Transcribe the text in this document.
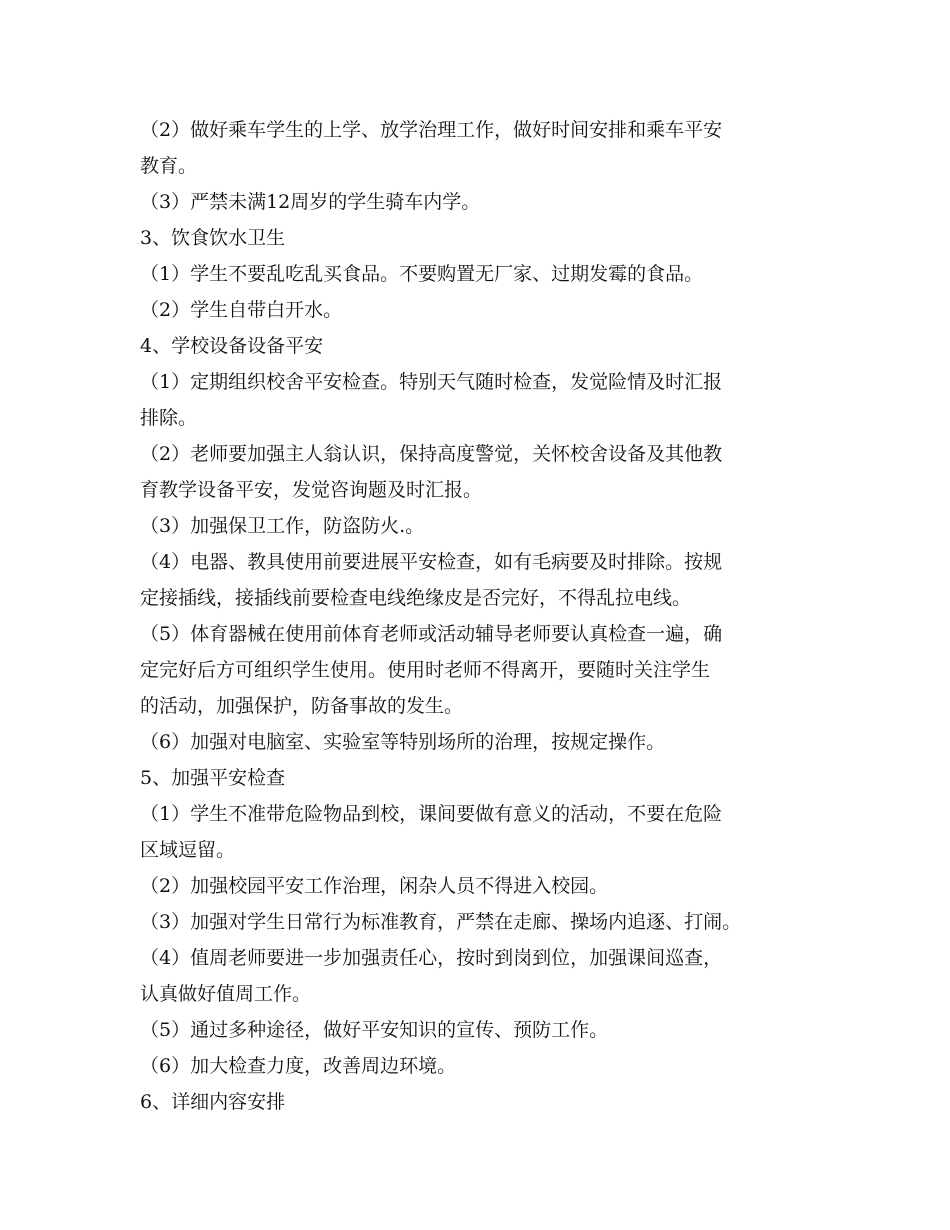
（2）做好乘车学生的上学、放学治理工作，做好时间安排和乘车平安
教育。
（3）严禁未满12周岁的学生骑车内学。
3、饮食饮水卫生
（1）学生不要乱吃乱买食品。不要购置无厂家、过期发霉的食品。
（2）学生自带白开水。
4、学校设备设备平安
（1）定期组织校舍平安检查。特别天气随时检查，发觉险情及时汇报
排除。
（2）老师要加强主人翁认识，保持高度警觉，关怀校舍设备及其他教
育教学设备平安，发觉咨询题及时汇报。
（3）加强保卫工作，防盗防火.。
（4）电器、教具使用前要进展平安检查，如有毛病要及时排除。按规
定接插线，接插线前要检查电线绝缘皮是否完好，不得乱拉电线。
（5）体育器械在使用前体育老师或活动辅导老师要认真检查一遍，确
定完好后方可组织学生使用。使用时老师不得离开，要随时关注学生
的活动，加强保护，防备事故的发生。
（6）加强对电脑室、实验室等特别场所的治理，按规定操作。
5、加强平安检查
（1）学生不准带危险物品到校，课间要做有意义的活动，不要在危险
区域逗留。
（2）加强校园平安工作治理，闲杂人员不得进入校园。
（3）加强对学生日常行为标准教育，严禁在走廊、操场内追逐、打闹。
（4）值周老师要进一步加强责任心，按时到岗到位，加强课间巡查，
认真做好值周工作。
（5）通过多种途径，做好平安知识的宣传、预防工作。
（6）加大检查力度，改善周边环境。
6、详细内容安排
